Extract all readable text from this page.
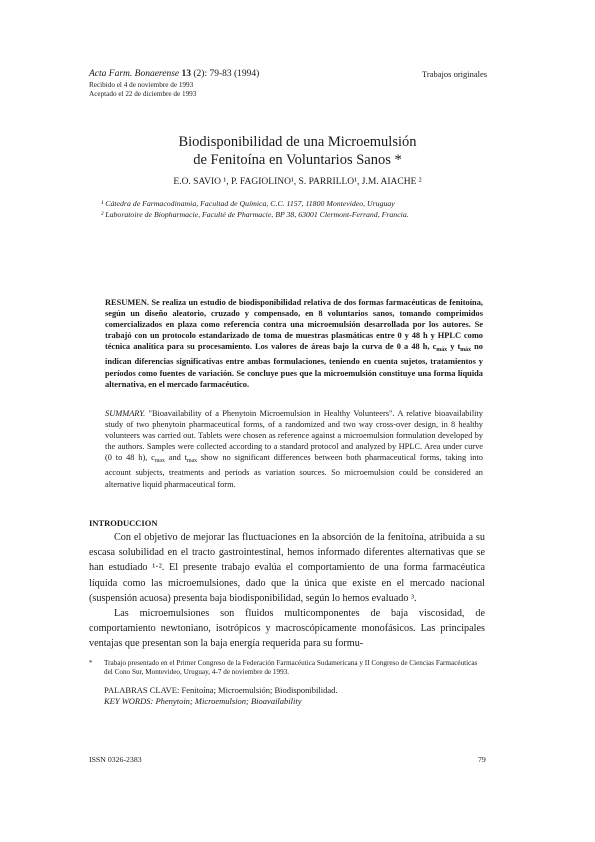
Acta Farm. Bonaerense 13 (2): 79-83 (1994)	Trabajos originales
Recibido el 4 de noviembre de 1993
Aceptado el 22 de diciembre de 1993
Biodisponibilidad de una Microemulsión
de Fenitoína en Voluntarios Sanos *
E.O. SAVIO ¹, P. FAGIOLINO¹, S. PARRILLO¹, J.M. AIACHE ²
¹ Cátedra de Farmacodinamia, Facultad de Química, C.C. 1157, 11800 Montevideo, Uruguay
² Laboratoire de Biopharmacie, Faculté de Pharmacie, BP 38, 63001 Clermont-Ferrand, Francia.
RESUMEN. Se realiza un estudio de biodisponibilidad relativa de dos formas farmacéuticas de fenitoína, según un diseño aleatorio, cruzado y compensado, en 8 voluntarios sanos, tomando comprimidos comercializados en plaza como referencia contra una microemulsión desarrollada por los autores. Se trabajó con un protocolo estandarizado de toma de muestras plasmáticas entre 0 y 48 h y HPLC como técnica analítica para su procesamiento. Los valores de áreas bajo la curva de 0 a 48 h, $c_{máx}$ y $t_{máx}$ no indican diferencias significativas entre ambas formulaciones, teniendo en cuenta sujetos, tratamientos y períodos como fuentes de variación. Se concluye pues que la microemulsión constituye una forma líquida alternativa, en el mercado farmacéutico.
SUMMARY. "Bioavailability of a Phenytoin Microemulsion in Healthy Volunteers". A relative bioavailability study of two phenytoin pharmaceutical forms, of a randomized and two way cross-over design, in 8 healthy volunteers was carried out. Tablets were chosen as reference against a microemulsion formulation developed by the authors. Samples were collected according to a standard protocol and analyzed by HPLC. Area under curve (0 to 48 h), $c_{max}$ and $t_{max}$ show no significant differences between both pharmaceutical forms, taking into account subjects, treatments and periods as variation sources. So microemulsion could be considered an alternative liquid pharmaceutical form.
INTRODUCCION
Con el objetivo de mejorar las fluctuaciones en la absorción de la fenitoína, atribuida a su escasa solubilidad en el tracto gastrointestinal, hemos informado diferentes alternativas que se han estudiado ¹·². El presente trabajo evalúa el comportamiento de una forma farmacéutica líquida como las microemulsiones, dado que la única que existe en el mercado nacional (suspensión acuosa) presenta baja biodisponibilidad, según lo hemos evaluado ³.
Las microemulsiones son fluidos multicomponentes de baja viscosidad, de comportamiento newtoniano, isotrópicos y macroscópicamente monofásicos. Las principales ventajas que presentan son la baja energía requerida para su formu-
* Trabajo presentado en el Primer Congreso de la Federación Farmacéutica Sudamericana y II Congreso de Ciencias Farmacéuticas del Cono Sur, Montevideo, Uruguay, 4-7 de noviembre de 1993.
PALABRAS CLAVE: Fenitoína; Microemulsión; Biodisponibilidad.
KEY WORDS: Phenytoin; Microemulsion; Bioavailability
ISSN 0326-2383	79
